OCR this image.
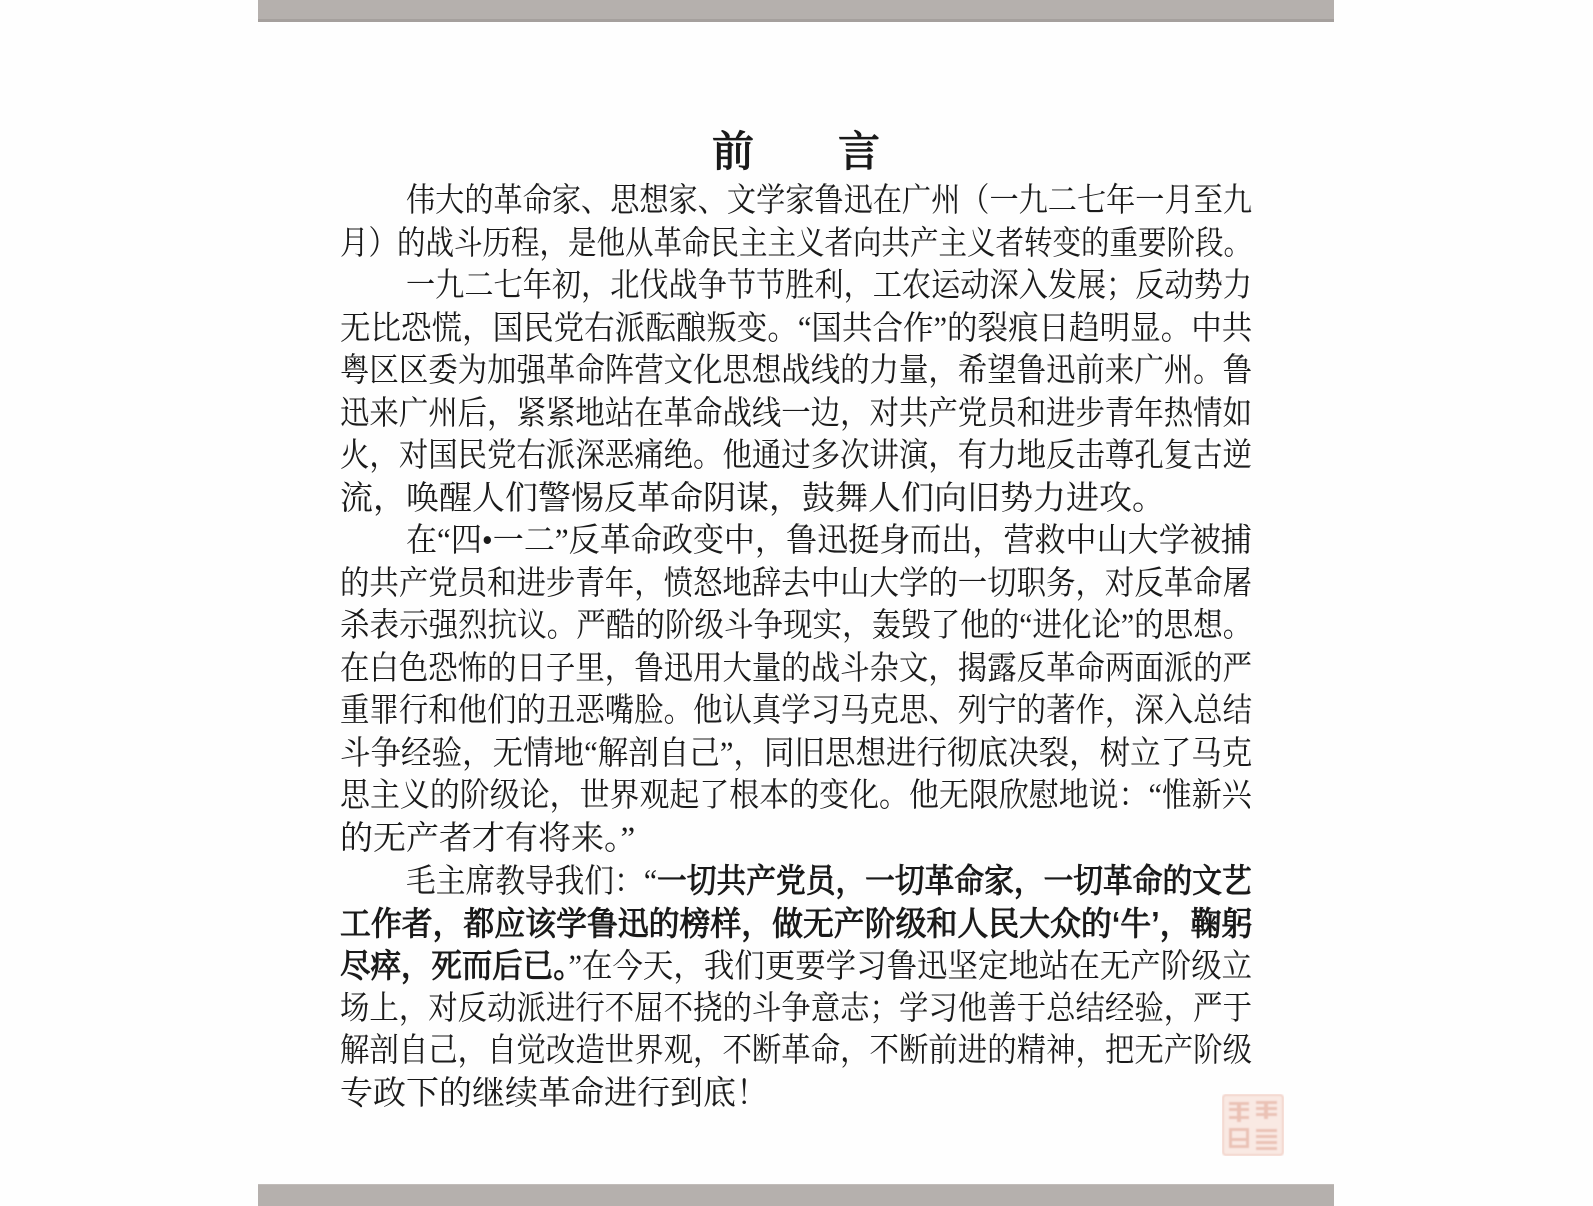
前　　言
伟大的革命家、思想家、文学家鲁迅在广州（一九二七年一月至九
月）的战斗历程，是他从革命民主主义者向共产主义者转变的重要阶段。
一九二七年初，北伐战争节节胜利，工农运动深入发展；反动势力
无比恐慌，国民党右派酝酿叛变。“国共合作”的裂痕日趋明显。中共
粤区区委为加强革命阵营文化思想战线的力量，希望鲁迅前来广州。鲁
迅来广州后，紧紧地站在革命战线一边，对共产党员和进步青年热情如
火，对国民党右派深恶痛绝。他通过多次讲演，有力地反击尊孔复古逆
流，唤醒人们警惕反革命阴谋，鼓舞人们向旧势力进攻。
在“四•一二”反革命政变中，鲁迅挺身而出，营救中山大学被捕
的共产党员和进步青年，愤怒地辞去中山大学的一切职务，对反革命屠
杀表示强烈抗议。严酷的阶级斗争现实，轰毁了他的“进化论”的思想。
在白色恐怖的日子里，鲁迅用大量的战斗杂文，揭露反革命两面派的严
重罪行和他们的丑恶嘴脸。他认真学习马克思、列宁的著作，深入总结
斗争经验，无情地“解剖自己”，同旧思想进行彻底决裂，树立了马克
思主义的阶级论，世界观起了根本的变化。他无限欣慰地说：“惟新兴
的无产者才有将来。”
毛主席教导我们：“一切共产党员，一切革命家，一切革命的文艺
工作者，都应该学鲁迅的榜样，做无产阶级和人民大众的‘牛’，鞠躬
尽瘁，死而后已。”在今天，我们更要学习鲁迅坚定地站在无产阶级立
场上，对反动派进行不屈不挠的斗争意志；学习他善于总结经验，严于
解剖自己，自觉改造世界观，不断革命，不断前进的精神，把无产阶级
专政下的继续革命进行到底！
